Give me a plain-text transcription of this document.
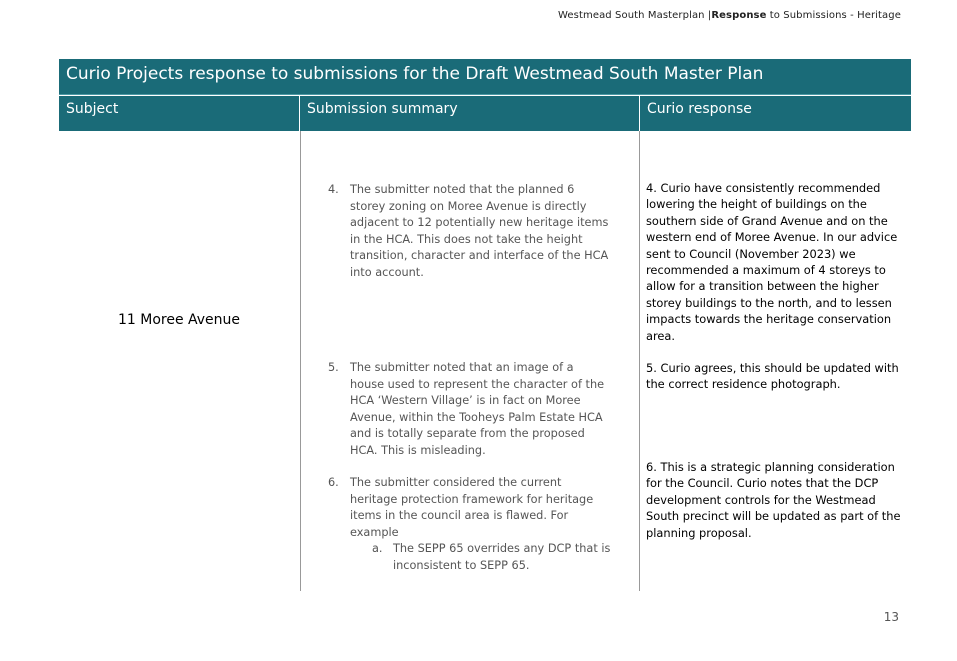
Westmead South Masterplan |Response to Submissions - Heritage
Curio Projects response to submissions for the Draft Westmead South Master Plan
Subject	Submission summary	Curio response
11 Moree Avenue
4. The submitter noted that the planned 6 storey zoning on Moree Avenue is directly adjacent to 12 potentially new heritage items in the HCA. This does not take the height transition, character and interface of the HCA into account.
5. The submitter noted that an image of a house used to represent the character of the HCA ‘Western Village’ is in fact on Moree Avenue, within the Tooheys Palm Estate HCA and is totally separate from the proposed HCA. This is misleading.
6. The submitter considered the current heritage protection framework for heritage items in the council area is flawed. For example
a. The SEPP 65 overrides any DCP that is inconsistent to SEPP 65.
4. Curio have consistently recommended lowering the height of buildings on the southern side of Grand Avenue and on the western end of Moree Avenue. In our advice sent to Council (November 2023) we recommended a maximum of 4 storeys to allow for a transition between the higher storey buildings to the north, and to lessen impacts towards the heritage conservation area.
5. Curio agrees, this should be updated with the correct residence photograph.
6. This is a strategic planning consideration for the Council. Curio notes that the DCP development controls for the Westmead South precinct will be updated as part of the planning proposal.
13
